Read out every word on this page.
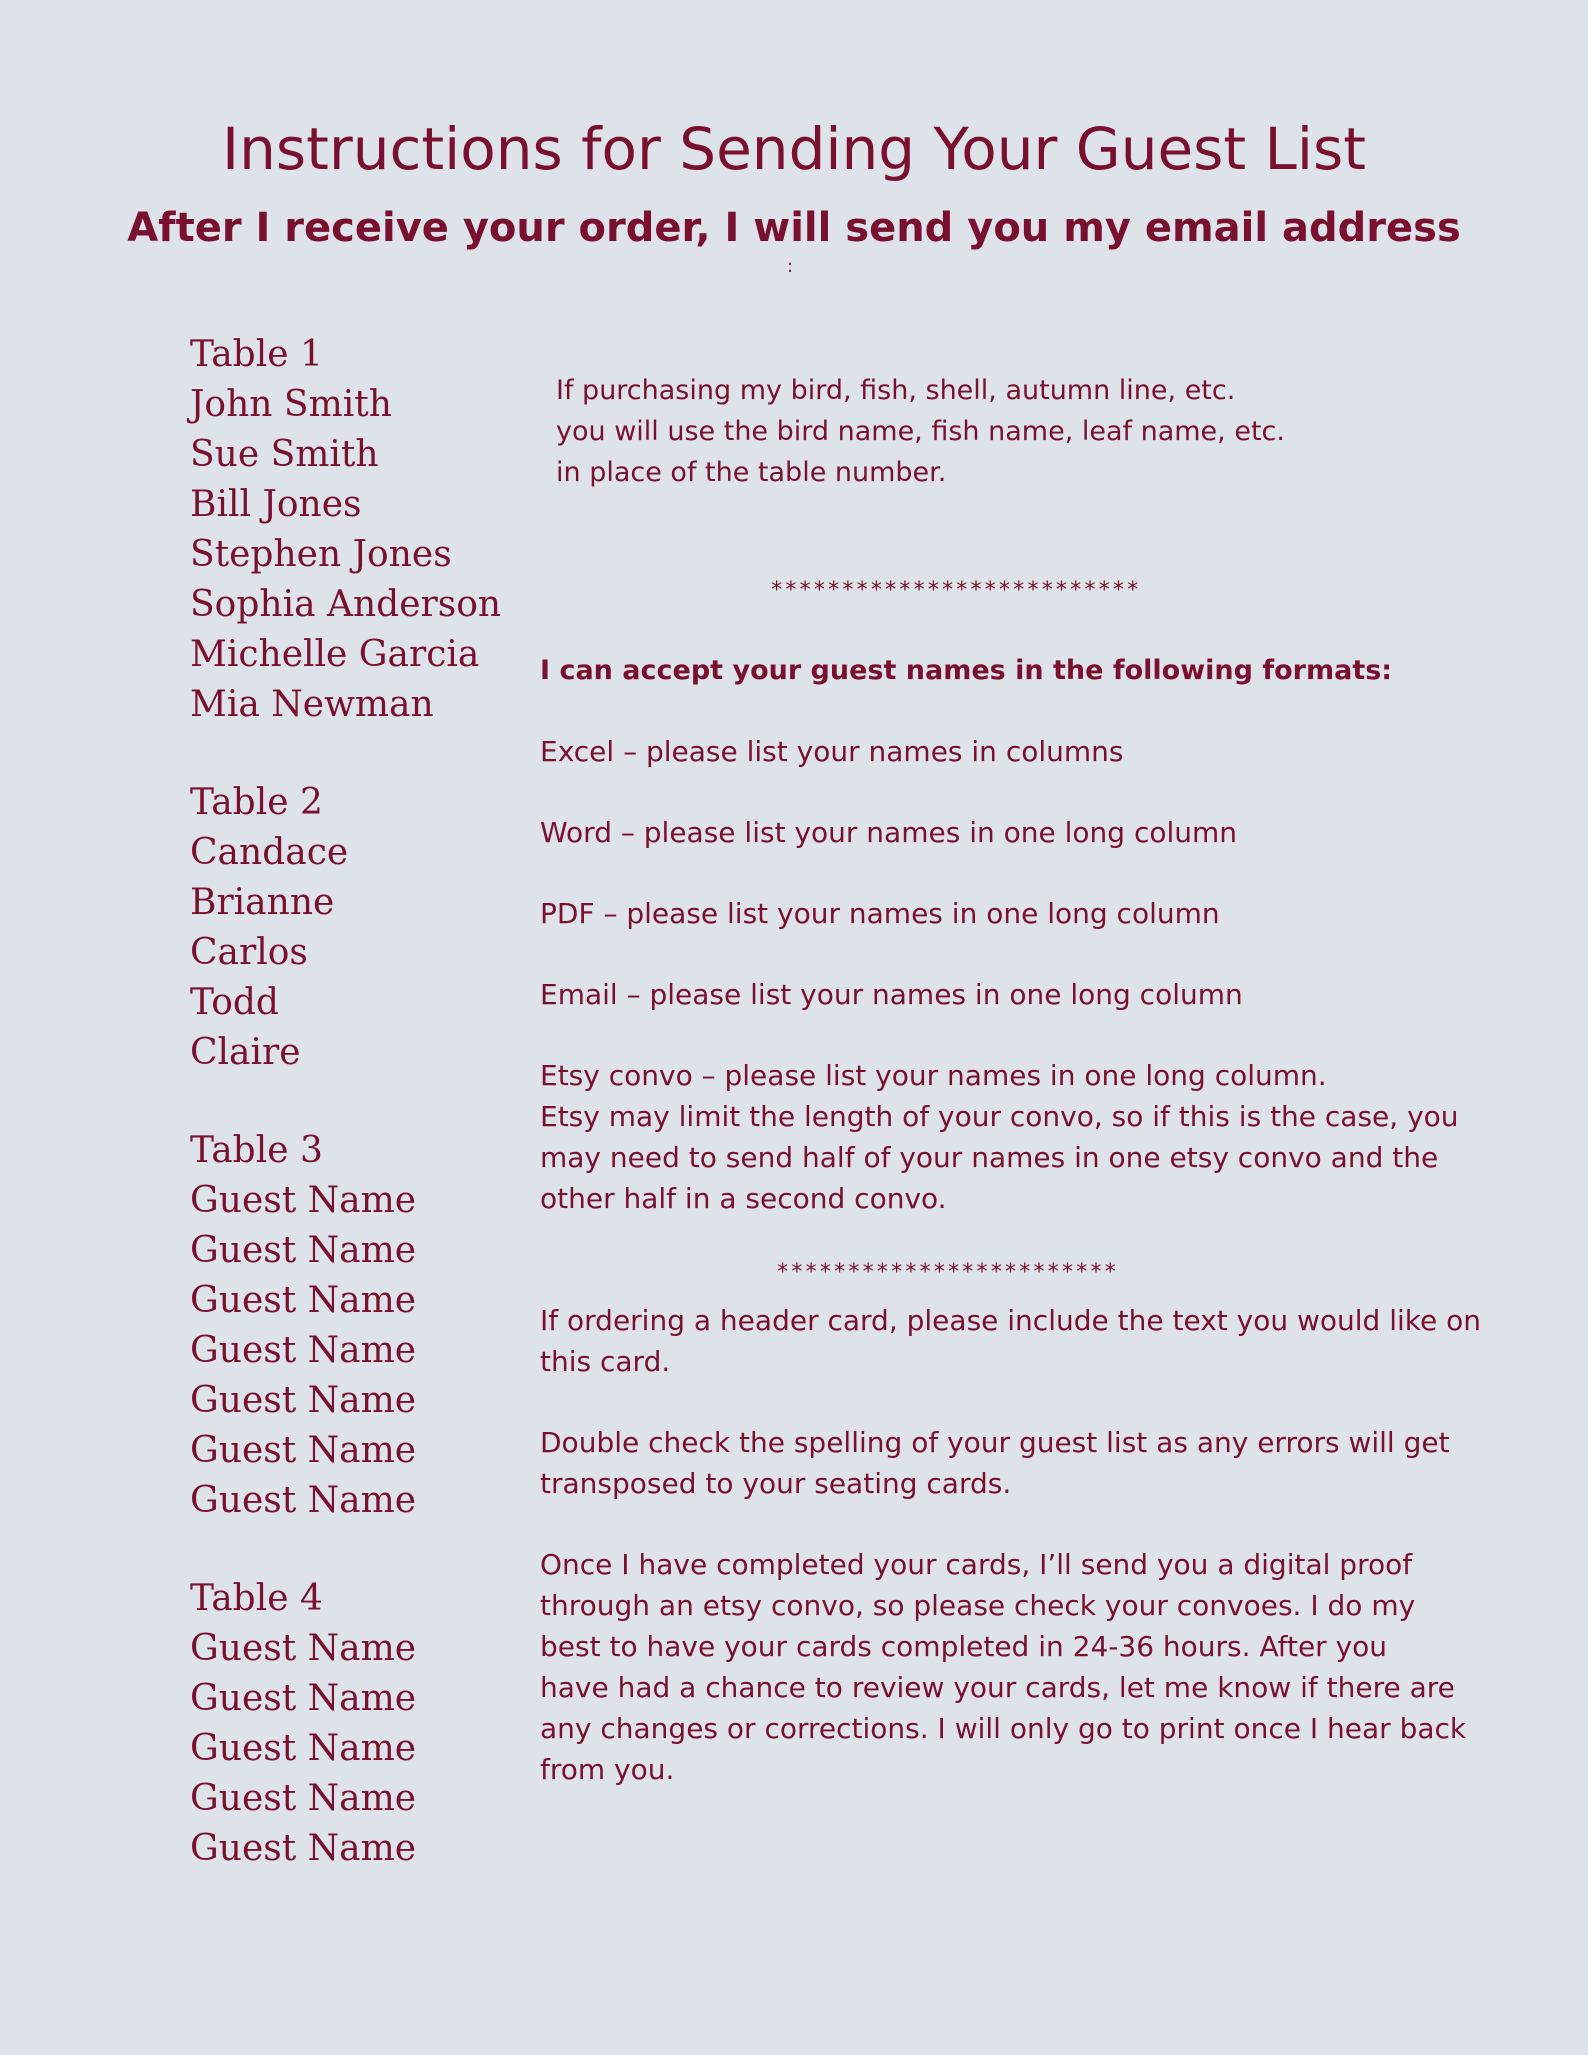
Instructions for Sending Your Guest List
After I receive your order, I will send you my email address
:
Table 1
John Smith
Sue Smith
Bill Jones
Stephen Jones
Sophia Anderson
Michelle Garcia
Mia Newman
Table 2
Candace
Brianne
Carlos
Todd
Claire
Table 3
Guest Name
Guest Name
Guest Name
Guest Name
Guest Name
Guest Name
Guest Name
Table 4
Guest Name
Guest Name
Guest Name
Guest Name
Guest Name
If purchasing my bird, fish, shell, autumn line, etc.
you will use the bird name, fish name, leaf name, etc.
in place of the table number.
**************************
I can accept your guest names in the following formats:
Excel – please list your names in columns
Word – please list your names in one long column
PDF – please list your names in one long column
Email – please list your names in one long column
Etsy convo – please list your names in one long column.
Etsy may limit the length of your convo, so if this is the case, you
may need to send half of your names in one etsy convo and the
other half in a second convo.
************************
If ordering a header card, please include the text you would like on
this card.
Double check the spelling of your guest list as any errors will get
transposed to your seating cards.
Once I have completed your cards, I’ll send you a digital proof
through an etsy convo, so please check your convoes. I do my
best to have your cards completed in 24-36 hours. After you
have had a chance to review your cards, let me know if there are
any changes or corrections. I will only go to print once I hear back
from you.
